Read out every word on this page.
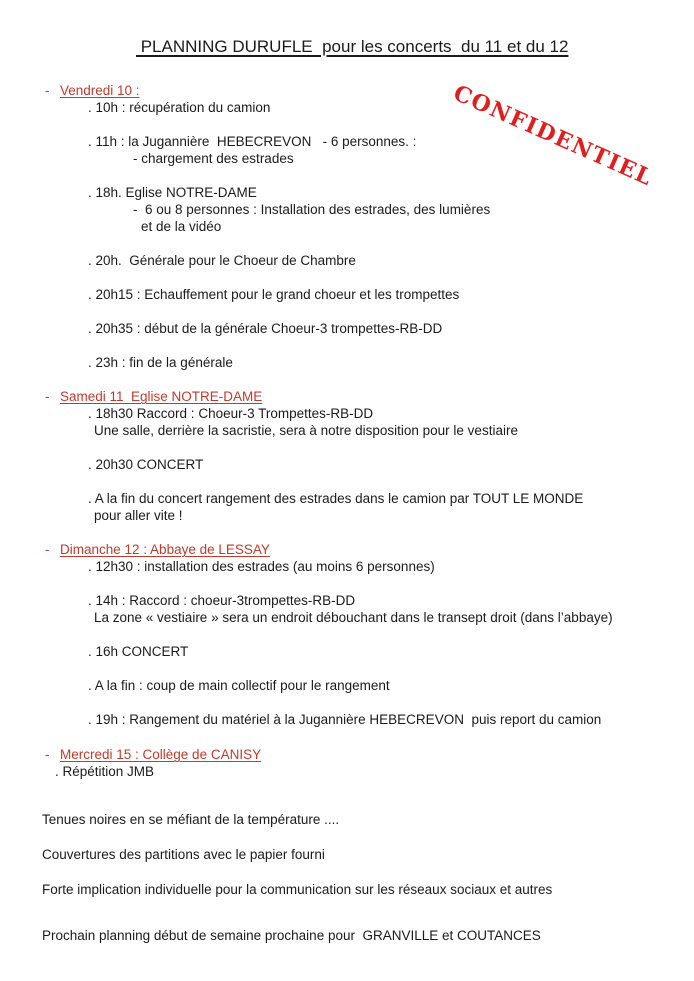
PLANNING DURUFLE  pour les concerts  du 11 et du 12
CONFIDENTIEL
- Vendredi 10 :
. 10h : récupération du camion
. 11h : la Jugannière  HEBECREVON   - 6 personnes. :
- chargement des estrades
. 18h. Eglise NOTRE-DAME
-  6 ou 8 personnes : Installation des estrades, des lumières
et de la vidéo
. 20h.  Générale pour le Choeur de Chambre
. 20h15 : Echauffement pour le grand choeur et les trompettes
. 20h35 : début de la générale Choeur-3 trompettes-RB-DD
. 23h : fin de la générale
- Samedi 11  Eglise NOTRE-DAME
. 18h30 Raccord : Choeur-3 Trompettes-RB-DD
Une salle, derrière la sacristie, sera à notre disposition pour le vestiaire
. 20h30 CONCERT
. A la fin du concert rangement des estrades dans le camion par TOUT LE MONDE
pour aller vite !
- Dimanche 12 : Abbaye de LESSAY
. 12h30 : installation des estrades (au moins 6 personnes)
. 14h : Raccord : choeur-3trompettes-RB-DD
La zone « vestiaire » sera un endroit débouchant dans le transept droit (dans l’abbaye)
. 16h CONCERT
. A la fin : coup de main collectif pour le rangement
. 19h : Rangement du matériel à la Jugannière HEBECREVON  puis report du camion
- Mercredi 15 : Collège de CANISY
. Répétition JMB
Tenues noires en se méfiant de la température ....
Couvertures des partitions avec le papier fourni
Forte implication individuelle pour la communication sur les réseaux sociaux et autres
Prochain planning début de semaine prochaine pour  GRANVILLE et COUTANCES
